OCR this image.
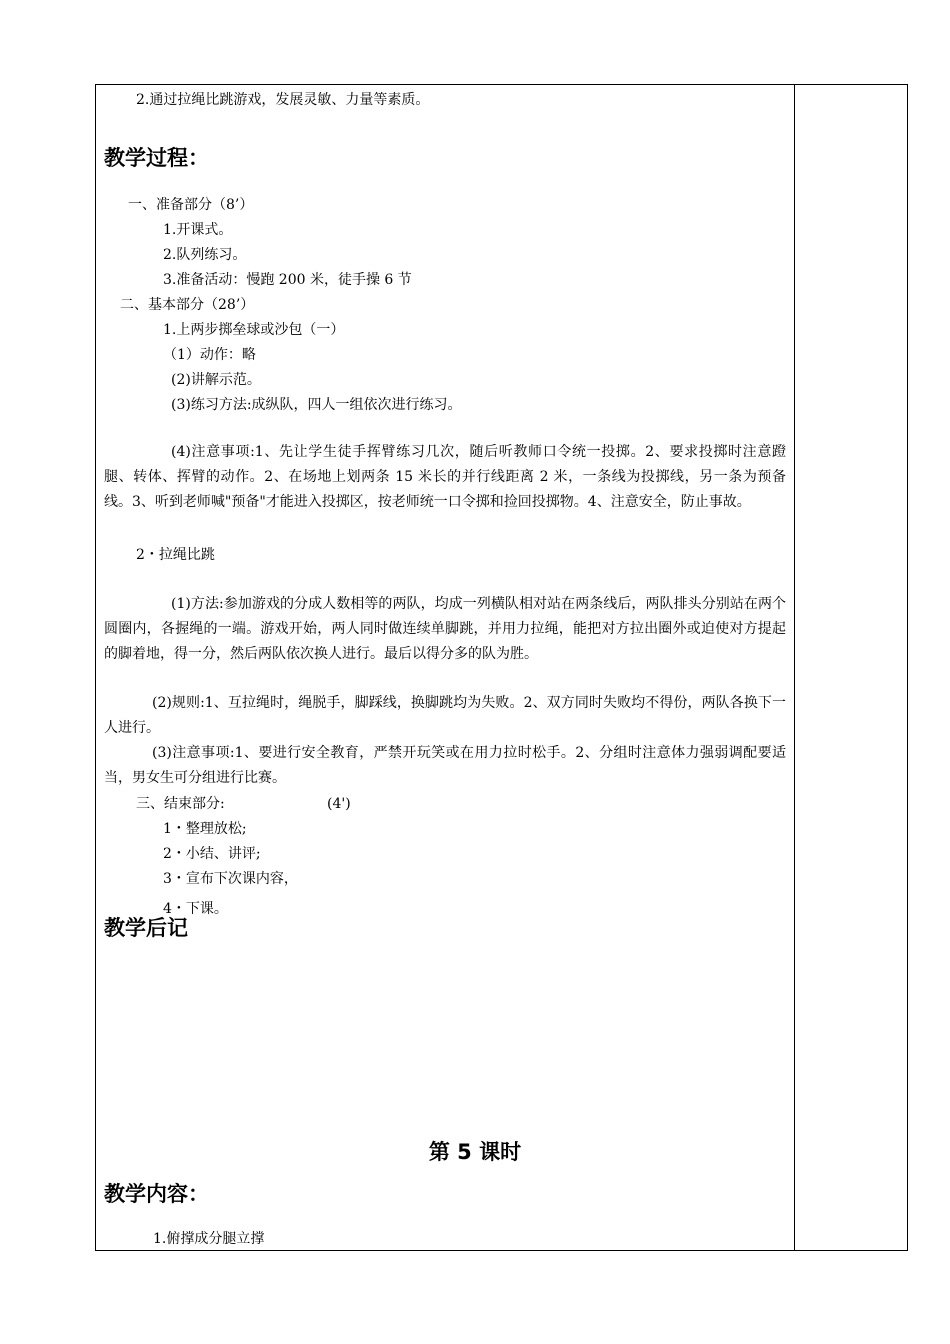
2.通过拉绳比跳游戏，发展灵敏、力量等素质。
教学过程：
一、准备部分（8’）
1.开课式。
2.队列练习。
3.准备活动：慢跑 200 米，徒手操 6 节
二、基本部分（28’）
1.上两步掷垒球或沙包（一）
（1）动作：略
(2)讲解示范。
(3)练习方法:成纵队，四人一组依次进行练习。
(4)注意事项:1、先让学生徒手挥臂练习几次，随后听教师口令统一投掷。2、要求投掷时注意蹬腿、转体、挥臂的动作。2、在场地上划两条 15 米长的并行线距离 2 米，一条线为投掷线，另一条为预备线。3、听到老师喊"预备"才能进入投掷区，按老师统一口令掷和捡回投掷物。4、注意安全，防止事故。
2・拉绳比跳
(1)方法:参加游戏的分成人数相等的两队，均成一列横队相对站在两条线后，两队排头分别站在两个圆圈内，各握绳的一端。游戏开始，两人同时做连续单脚跳，并用力拉绳，能把对方拉出圈外或迫使对方提起的脚着地，得一分，然后两队依次换人进行。最后以得分多的队为胜。
(2)规则:1、互拉绳时，绳脱手，脚踩线，换脚跳均为失败。2、双方同时失败均不得份，两队各换下一人进行。
(3)注意事项:1、要进行安全教育，严禁开玩笑或在用力拉时松手。2、分组时注意体力强弱调配要适当，男女生可分组进行比赛。
三、结束部分:	(4')
1・整理放松;
2・小结、讲评;
3・宣布下次课内容，
4・下课。
教学后记
第 5 课时
教学内容：
1.俯撑成分腿立撑
